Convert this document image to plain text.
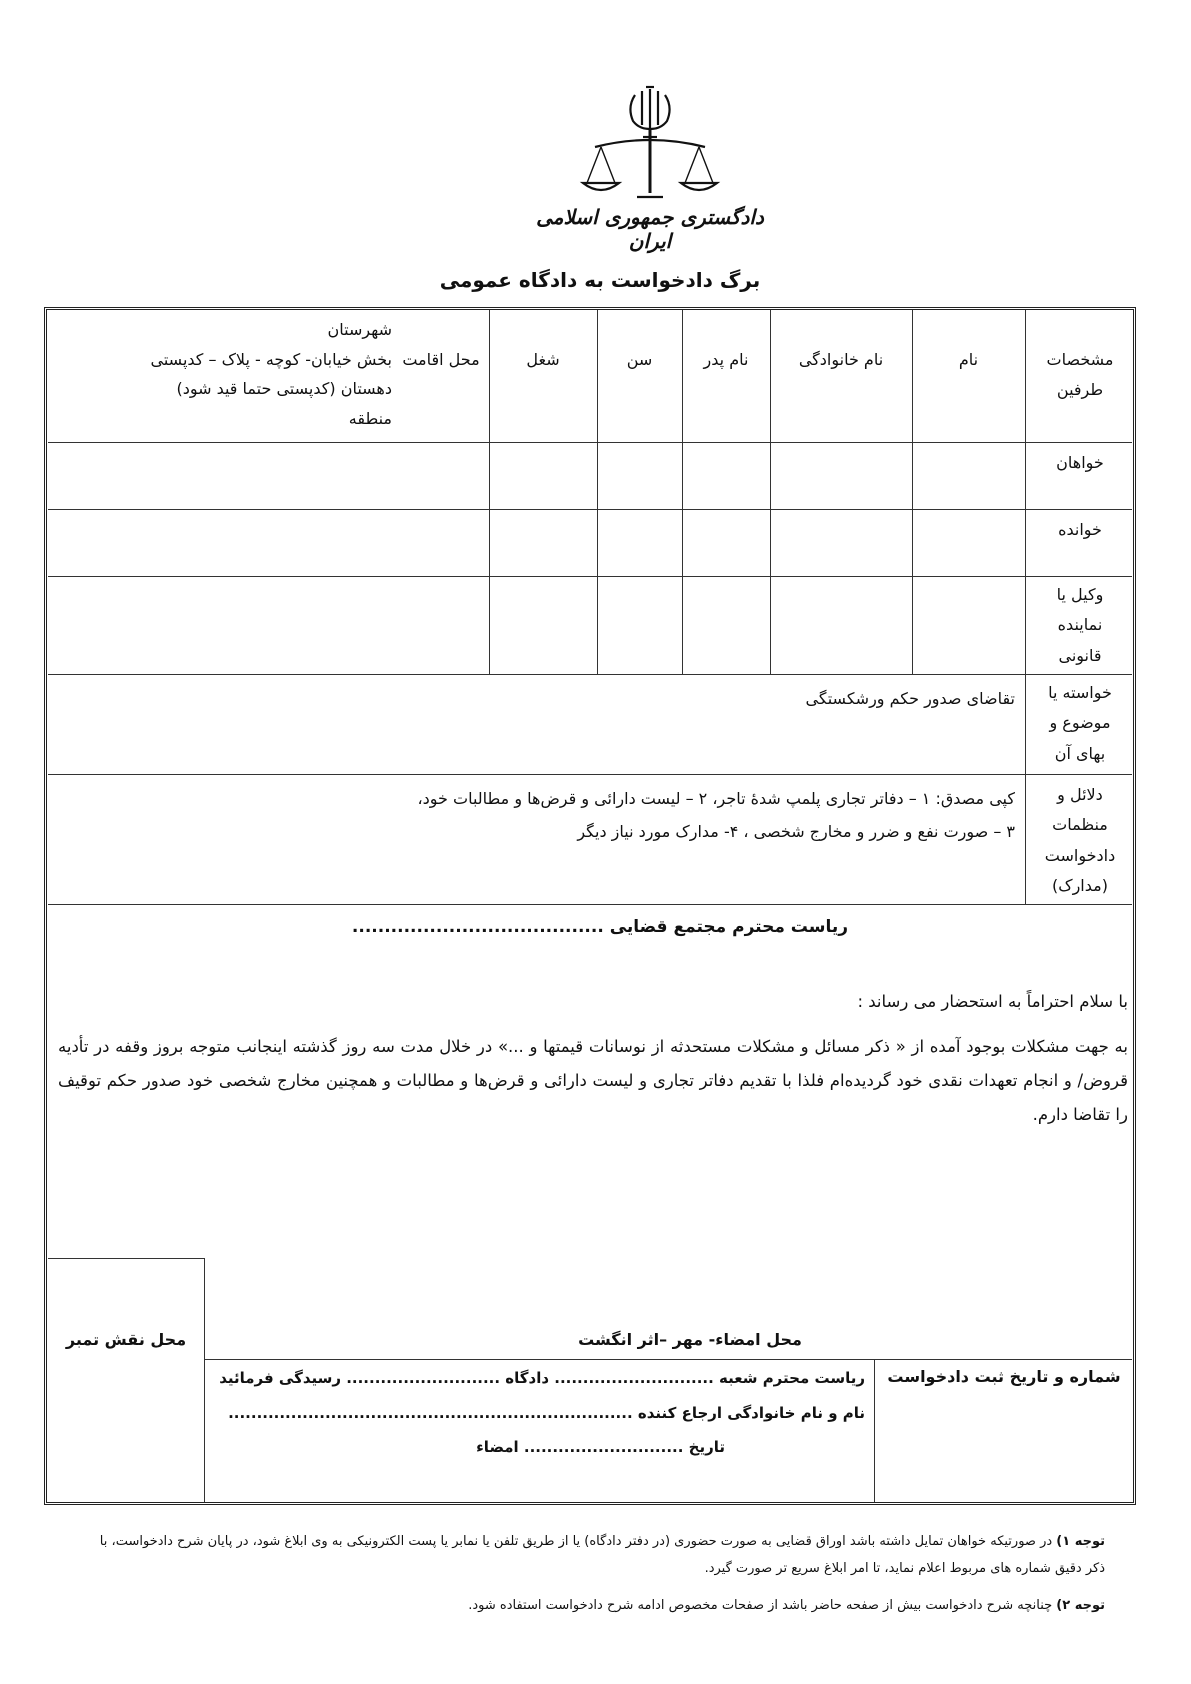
دادگستری جمهوری اسلامی ایران
برگ دادخواست به دادگاه عمومی
مشخصات
طرفین
نام
نام خانوادگی
نام پدر
سن
شغل
محل اقامت
شهرستان
بخش خیابان- کوچه - پلاک – کدپستی
دهستان (کدپستی حتما قید شود)
منطقه
خواهان
خوانده
وکیل یا
نماینده
قانونی
خواسته یا
موضوع و
بهای آن
تقاضای صدور حکم ورشکستگی
دلائل و
منظمات
دادخواست
(مدارک)
کپی مصدق: ۱ – دفاتر تجاری پلمپ شدهٔ تاجر، ۲ – لیست دارائی و قرض‌ها و مطالبات خود،
۳ – صورت نفع و ضرر و مخارج شخصی ، ۴- مدارک مورد نیاز دیگر
ریاست محترم مجتمع قضایی .......................................
با سلام احتراماً به استحضار می رساند :
به جهت مشکلات بوجود آمده از « ذکر مسائل و مشکلات مستحدثه از نوسانات قیمتها و ...» در خلال مدت سه روز گذشته اینجانب متوجه بروز وقفه در تأدیه قروض/ و انجام تعهدات نقدی خود گردیده‌ام فلذا با تقدیم دفاتر تجاری و لیست دارائی و قرض‌ها و مطالبات و همچنین مخارج شخصی خود صدور حکم توقیف را تقاضا دارم.
محل امضاء- مهر –اثر انگشت
محل نقش تمبر
شماره و تاریخ ثبت دادخواست
ریاست محترم شعبه ............................ دادگاه ........................... رسیدگی فرمائید
نام و نام خانوادگی ارجاع کننده .......................................................................
تاریخ ............................ امضاء
توجه ۱) در صورتیکه خواهان تمایل داشته باشد اوراق قضایی به صورت حضوری (در دفتر دادگاه) یا از طریق تلفن یا نمابر یا پست الکترونیکی به وی ابلاغ شود، در پایان شرح دادخواست، با ذکر دقیق شماره های مربوط اعلام نماید، تا امر ابلاغ سریع تر صورت گیرد.
توجه ۲) چنانچه شرح دادخواست بیش از صفحه حاضر باشد از صفحات مخصوص ادامه شرح دادخواست استفاده شود.
